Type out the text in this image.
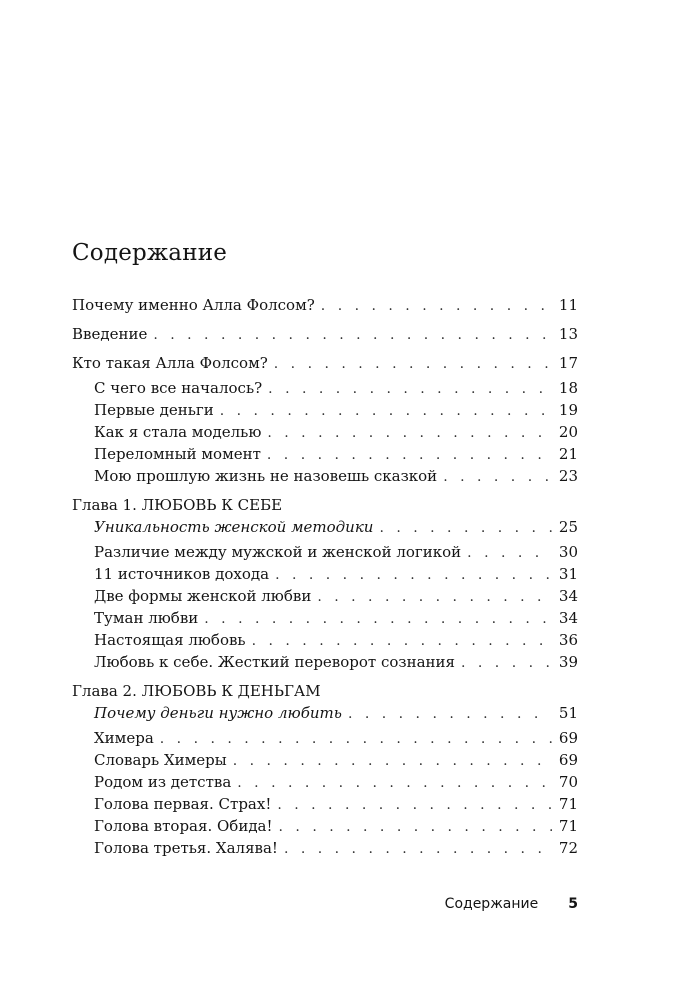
Содержание
Почему именно Алла Фолсом? . . .	11
Введение . . .	13
Кто такая Алла Фолсом? . . .	17
С чего все началось? . . .	18
Первые деньги . . .	19
Как я стала моделью . . .	20
Переломный момент . . .	21
Мою прошлую жизнь не назовешь сказкой . . .	23
Глава 1. ЛЮБОВЬ К СЕБЕ
Уникальность женской методики . . .	25
Различие между мужской и женской логикой . . .	30
11 источников дохода . . .	31
Две формы женской любви . . .	34
Туман любви . . .	34
Настоящая любовь . . .	36
Любовь к себе. Жесткий переворот сознания . . .	39
Глава 2. ЛЮБОВЬ К ДЕНЬГАМ
Почему деньги нужно любить . . .	51
Химера . . .	69
Словарь Химеры . . .	69
Родом из детства . . .	70
Голова первая. Страх! . . .	71
Голова вторая. Обида! . . .	71
Голова третья. Халява! . . .	72
Содержание 5
